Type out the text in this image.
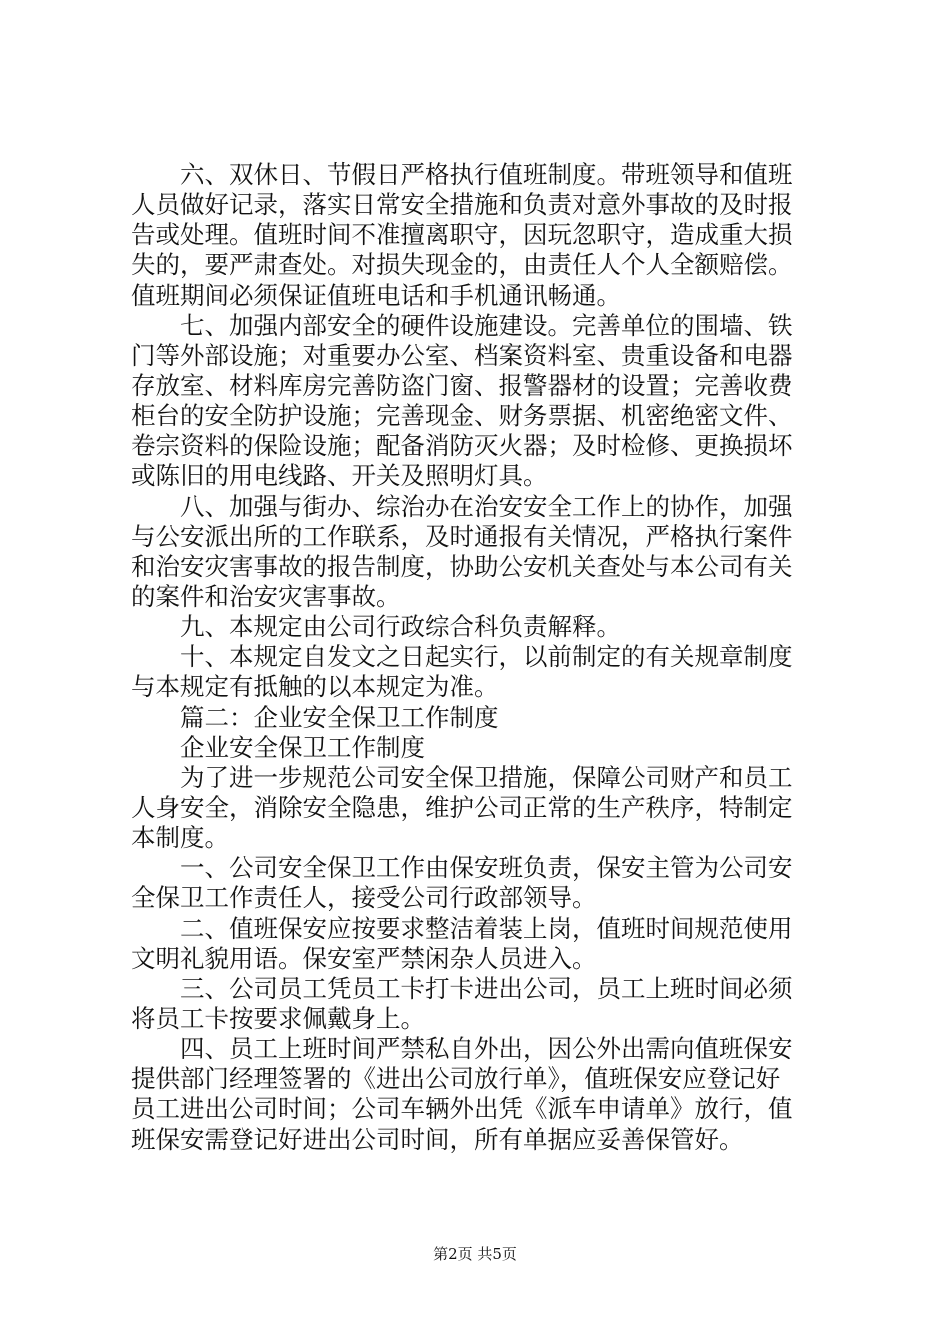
　　六、双休日、节假日严格执行值班制度。带班领导和值班
人员做好记录，落实日常安全措施和负责对意外事故的及时报
告或处理。值班时间不准擅离职守，因玩忽职守，造成重大损
失的，要严肃查处。对损失现金的，由责任人个人全额赔偿。
值班期间必须保证值班电话和手机通讯畅通。
　　七、加强内部安全的硬件设施建设。完善单位的围墙、铁
门等外部设施；对重要办公室、档案资料室、贵重设备和电器
存放室、材料库房完善防盗门窗、报警器材的设置；完善收费
柜台的安全防护设施；完善现金、财务票据、机密绝密文件、
卷宗资料的保险设施；配备消防灭火器；及时检修、更换损坏
或陈旧的用电线路、开关及照明灯具。
　　八、加强与街办、综治办在治安安全工作上的协作，加强
与公安派出所的工作联系，及时通报有关情况，严格执行案件
和治安灾害事故的报告制度，协助公安机关查处与本公司有关
的案件和治安灾害事故。
　　九、本规定由公司行政综合科负责解释。
　　十、本规定自发文之日起实行，以前制定的有关规章制度
与本规定有抵触的以本规定为准。
　　篇二：企业安全保卫工作制度
　　企业安全保卫工作制度
　　为了进一步规范公司安全保卫措施，保障公司财产和员工
人身安全，消除安全隐患，维护公司正常的生产秩序，特制定
本制度。
　　一、公司安全保卫工作由保安班负责，保安主管为公司安
全保卫工作责任人，接受公司行政部领导。
　　二、值班保安应按要求整洁着装上岗，值班时间规范使用
文明礼貌用语。保安室严禁闲杂人员进入。
　　三、公司员工凭员工卡打卡进出公司，员工上班时间必须
将员工卡按要求佩戴身上。
　　四、员工上班时间严禁私自外出，因公外出需向值班保安
提供部门经理签署的《进出公司放行单》，值班保安应登记好
员工进出公司时间；公司车辆外出凭《派车申请单》放行，值
班保安需登记好进出公司时间，所有单据应妥善保管好。
第2页 共5页
